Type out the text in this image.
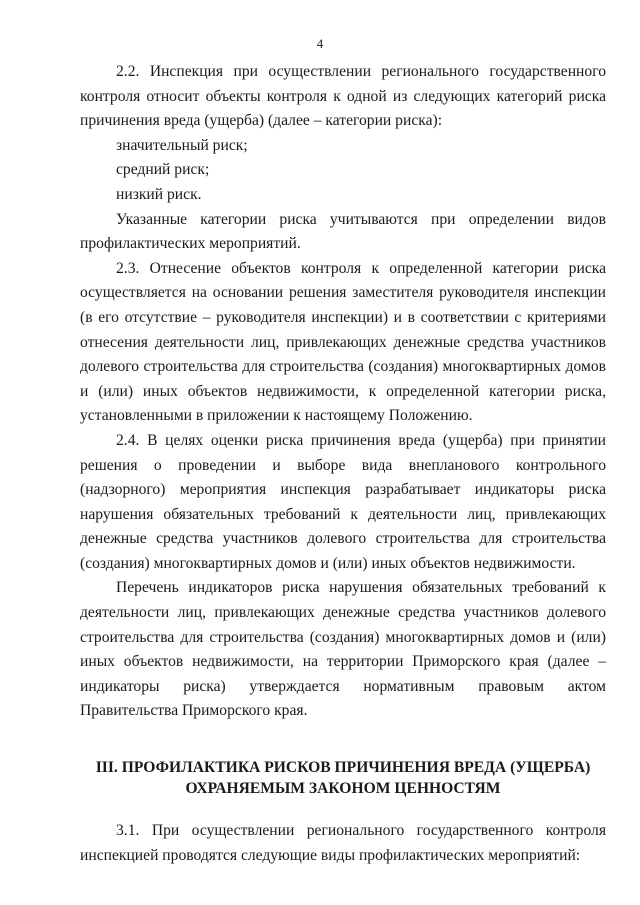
4

2.2. Инспекция при осуществлении регионального государственного контроля относит объекты контроля к одной из следующих категорий риска причинения вреда (ущерба) (далее – категории риска):

значительный риск;

средний риск;

низкий риск.

Указанные категории риска учитываются при определении видов профилактических мероприятий.

2.3. Отнесение объектов контроля к определенной категории риска осуществляется на основании решения заместителя руководителя инспекции (в его отсутствие – руководителя инспекции) и в соответствии с критериями отнесения деятельности лиц, привлекающих денежные средства участников долевого строительства для строительства (создания) многоквартирных домов и (или) иных объектов недвижимости, к определенной категории риска, установленными в приложении к настоящему Положению.

2.4. В целях оценки риска причинения вреда (ущерба) при принятии решения о проведении и выборе вида внепланового контрольного (надзорного) мероприятия инспекция разрабатывает индикаторы риска нарушения обязательных требований к деятельности лиц, привлекающих денежные средства участников долевого строительства для строительства (создания) многоквартирных домов и (или) иных объектов недвижимости.

Перечень индикаторов риска нарушения обязательных требований к деятельности лиц, привлекающих денежные средства участников долевого строительства для строительства (создания) многоквартирных домов и (или) иных объектов недвижимости, на территории Приморского края (далее – индикаторы риска) утверждается нормативным правовым актом Правительства Приморского края.

III. ПРОФИЛАКТИКА РИСКОВ ПРИЧИНЕНИЯ ВРЕДА (УЩЕРБА)

ОХРАНЯЕМЫМ ЗАКОНОМ ЦЕННОСТЯМ

3.1. При осуществлении регионального государственного контроля инспекцией проводятся следующие виды профилактических мероприятий:
